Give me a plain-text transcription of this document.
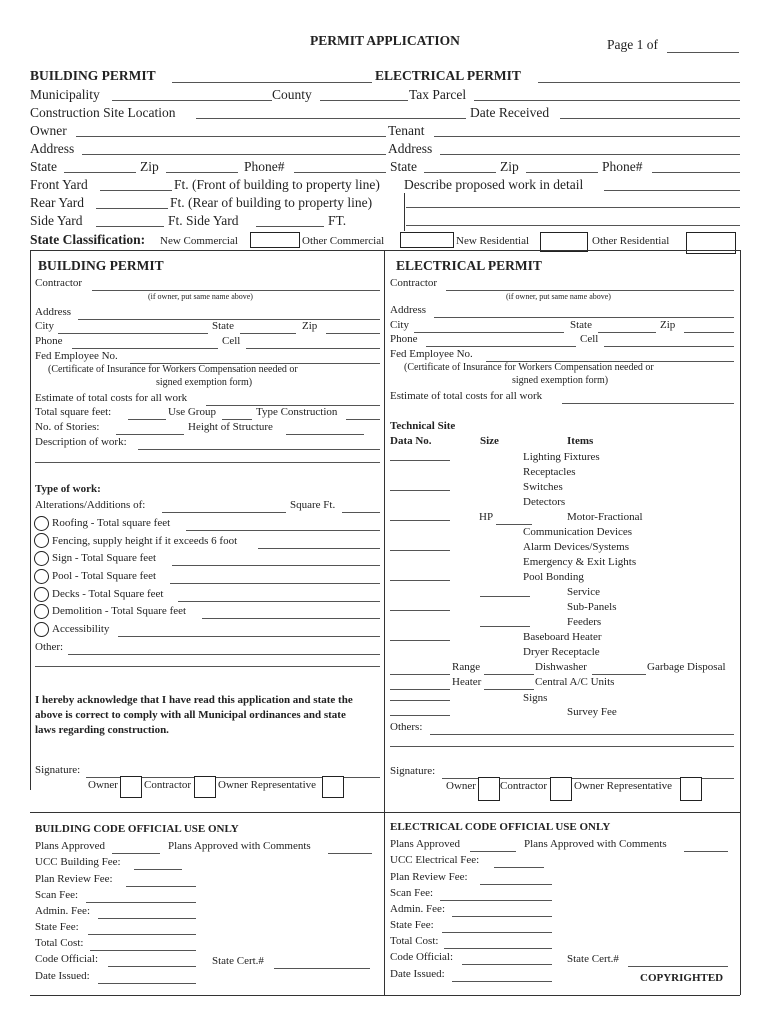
PERMIT APPLICATION	Page 1 of
BUILDING PERMIT	ELECTRICAL PERMIT
Municipality	County	Tax Parcel
Construction Site Location	Date Received
Owner	Tenant
Address	Address
State	Zip	Phone#	State	Zip	Phone#
Front Yard	Ft. (Front of building to property line) Describe proposed work in detail
Rear Yard	Ft. (Rear of building to property line)
Side Yard	Ft. Side Yard	FT.
State Classification: New Commercial	Other Commercial	New Residential	Other Residential
BUILDING PERMIT
Contractor
(if owner, put same name above)
Address
City	State	Zip
Phone	Cell
Fed Employee No.
(Certificate of Insurance for Workers Compensation needed or
signed exemption form)
Estimate of total costs for all work
Total square feet:	Use Group	Type Construction
No. of Stories:	Height of Structure
Description of work:
Type of work:
Alterations/Additions of:	Square Ft.
Roofing - Total square feet
Fencing, supply height if it exceeds 6 foot
Sign - Total Square feet
Pool - Total Square feet
Decks - Total Square feet
Demolition - Total Square feet
Accessibility
Other:
I hereby acknowledge that I have read this application and state the
above is correct to comply with all Municipal ordinances and state
laws regarding construction.
Signature:
Owner Contractor Owner Representative
ELECTRICAL PERMIT
Contractor
(if owner, put same name above)
Address
City	State	Zip
Phone	Cell
Fed Employee No.
(Certificate of Insurance for Workers Compensation needed or
signed exemption form)
Estimate of total costs for all work
Technical Site
Data No.	Size	Items
Lighting Fixtures
Receptacles
Switches
Detectors
HP	Motor-Fractional
Communication Devices
Alarm Devices/Systems
Emergency & Exit Lights
Pool Bonding
Service
Sub-Panels
Feeders
Baseboard Heater
Dryer Receptacle
Range	Dishwasher	Garbage Disposal
Heater	Central A/C Units
Signs
Survey Fee
Others:
Signature:
Owner Contractor Owner Representative
BUILDING CODE OFFICIAL USE ONLY
Plans Approved	Plans Approved with Comments
UCC Building Fee:
Plan Review Fee:
Scan Fee:
Admin. Fee:
State Fee:
Total Cost:
Code Official:	State Cert.#
Date Issued:
ELECTRICAL CODE OFFICIAL USE ONLY
Plans Approved	Plans Approved with Comments
UCC Electrical Fee:
Plan Review Fee:
Scan Fee:
Admin. Fee:
State Fee:
Total Cost:
Code Official:	State Cert.#
Date Issued:	COPYRIGHTED
